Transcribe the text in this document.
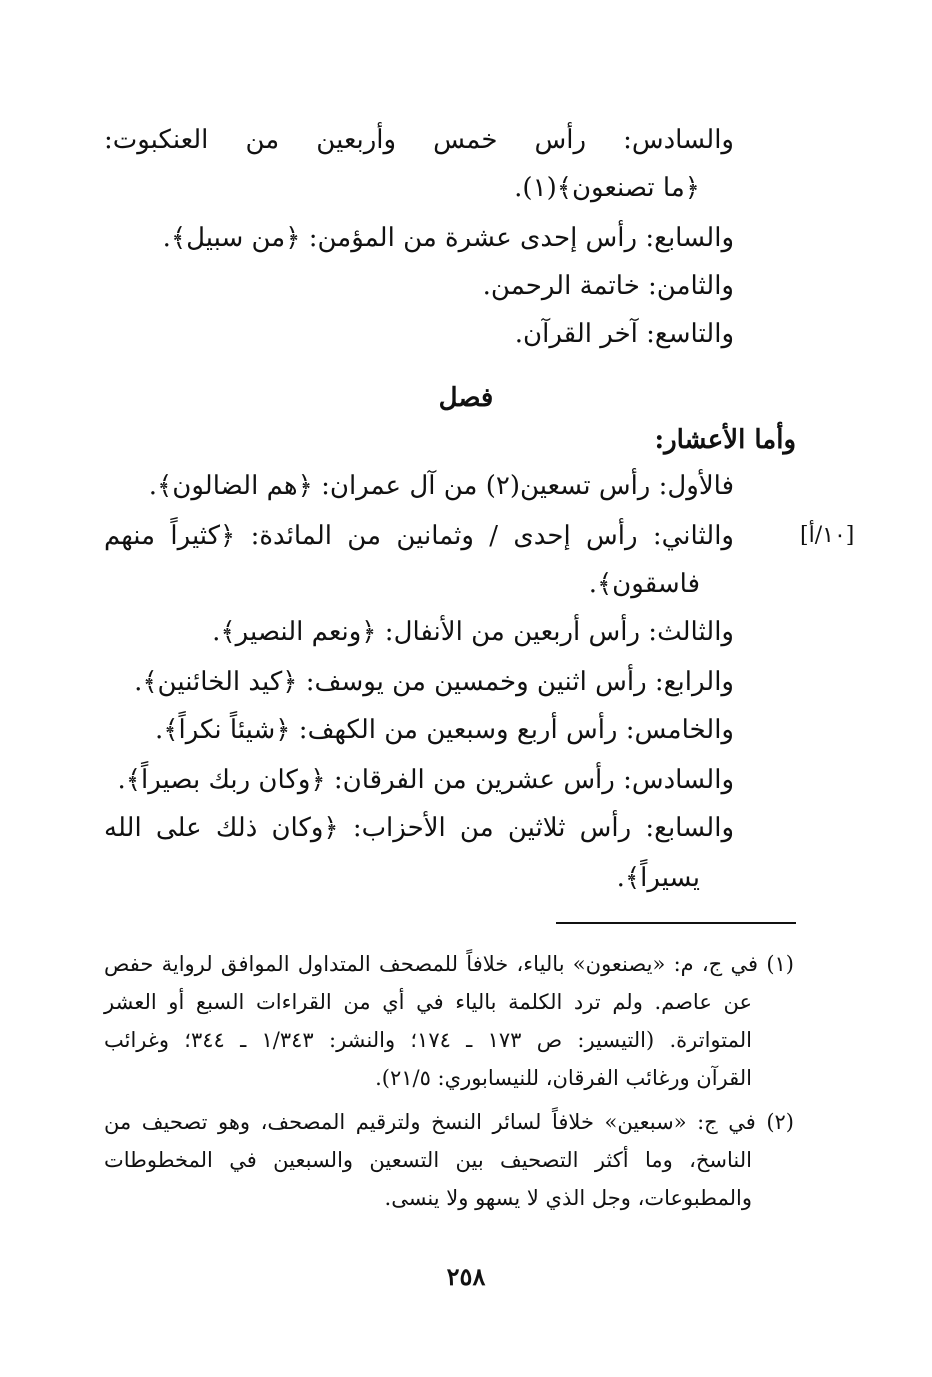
والسادس: رأس خمس وأربعين من العنكبوت:
﴿ما تصنعون﴾(١).
والسابع: رأس إحدى عشرة من المؤمن: ﴿من سبيل﴾.
والثامن: خاتمة الرحمن.
والتاسع: آخر القرآن.
فصل
وأما الأعشار:
فالأول: رأس تسعين(٢) من آل عمران: ﴿هم الضالون﴾.
والثاني: رأس إحدى / وثمانين من المائدة: ﴿كثيراً منهم
فاسقون﴾.
والثالث: رأس أربعين من الأنفال: ﴿ونعم النصير﴾.
والرابع: رأس اثنين وخمسين من يوسف: ﴿كيد الخائنين﴾.
والخامس: رأس أربع وسبعين من الكهف: ﴿شيئاً نكراً﴾.
والسادس: رأس عشرين من الفرقان: ﴿وكان ربك بصيراً﴾.
والسابع: رأس ثلاثين من الأحزاب: ﴿وكان ذلك على الله
يسيراً﴾.
[١٠/أ]
(١) في ج، م: «يصنعون» بالياء، خلافاً للمصحف المتداول الموافق لرواية حفص
عن عاصم. ولم ترد الكلمة بالياء في أي من القراءات السبع أو العشر
المتواترة. (التيسير: ص ١٧٣ ـ ١٧٤؛ والنشر: ١/٣٤٣ ـ ٣٤٤؛ وغرائب
القرآن ورغائب الفرقان، للنيسابوري: ٢١/٥).
(٢) في ج: «سبعين» خلافاً لسائر النسخ ولترقيم المصحف، وهو تصحيف من
الناسخ، وما أكثر التصحيف بين التسعين والسبعين في المخطوطات
والمطبوعات، وجل الذي لا يسهو ولا ينسى.
٢٥٨
